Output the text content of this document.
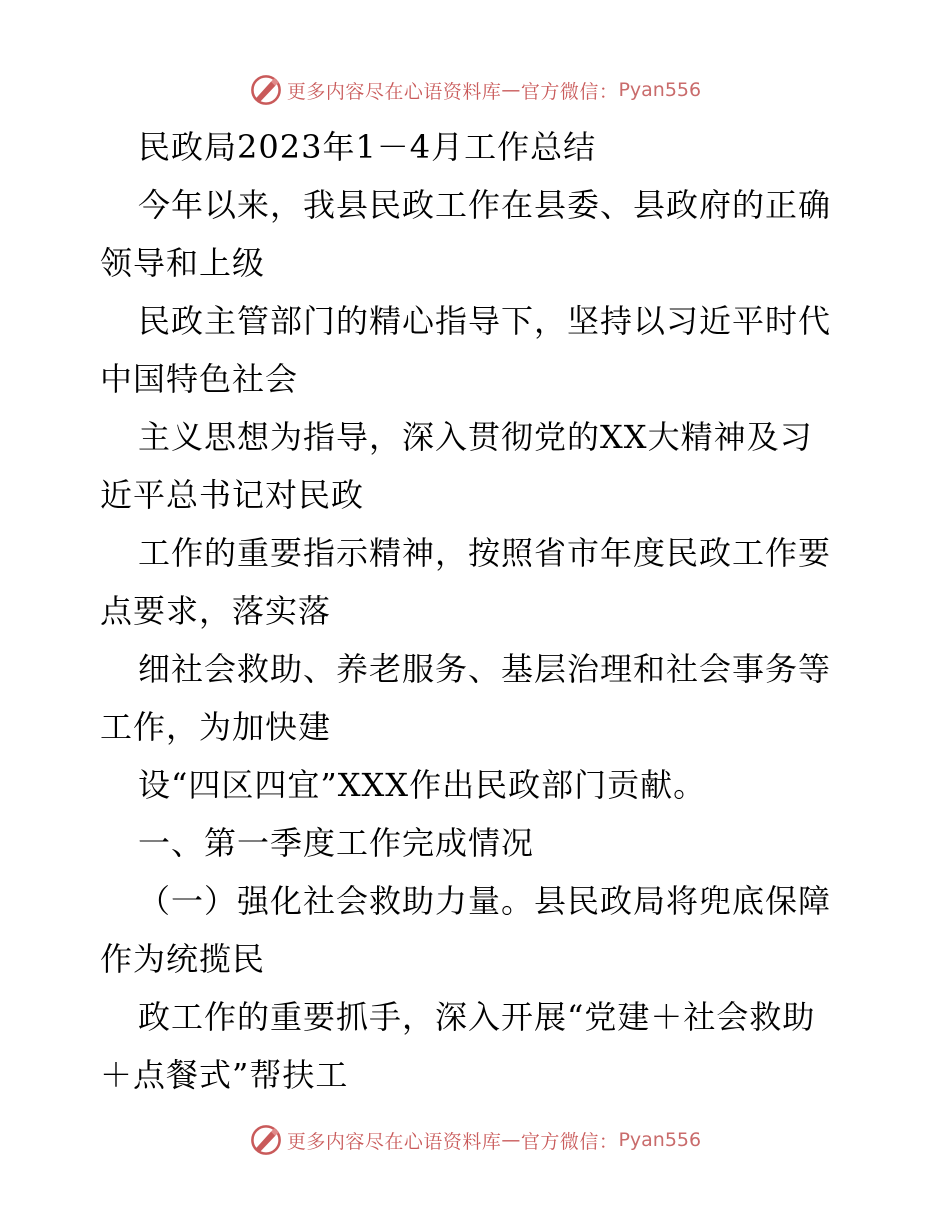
更多内容尽在心语资料库 — 官方微信： Pyan556
民政局2023年1－4月工作总结
今年以来，我县民政工作在县委、县政府的正确
领导和上级
民政主管部门的精心指导下，坚持以习近平时代
中国特色社会
主义思想为指导，深入贯彻党的XX大精神及习
近平总书记对民政
工作的重要指示精神，按照省市年度民政工作要
点要求，落实落
细社会救助、养老服务、基层治理和社会事务等
工作，为加快建
设“四区四宜”XXX作出民政部门贡献。
一、第一季度工作完成情况
（一）强化社会救助力量。县民政局将兜底保障
作为统揽民
政工作的重要抓手，深入开展“党建＋社会救助
＋点餐式”帮扶工
更多内容尽在心语资料库 — 官方微信： Pyan556
